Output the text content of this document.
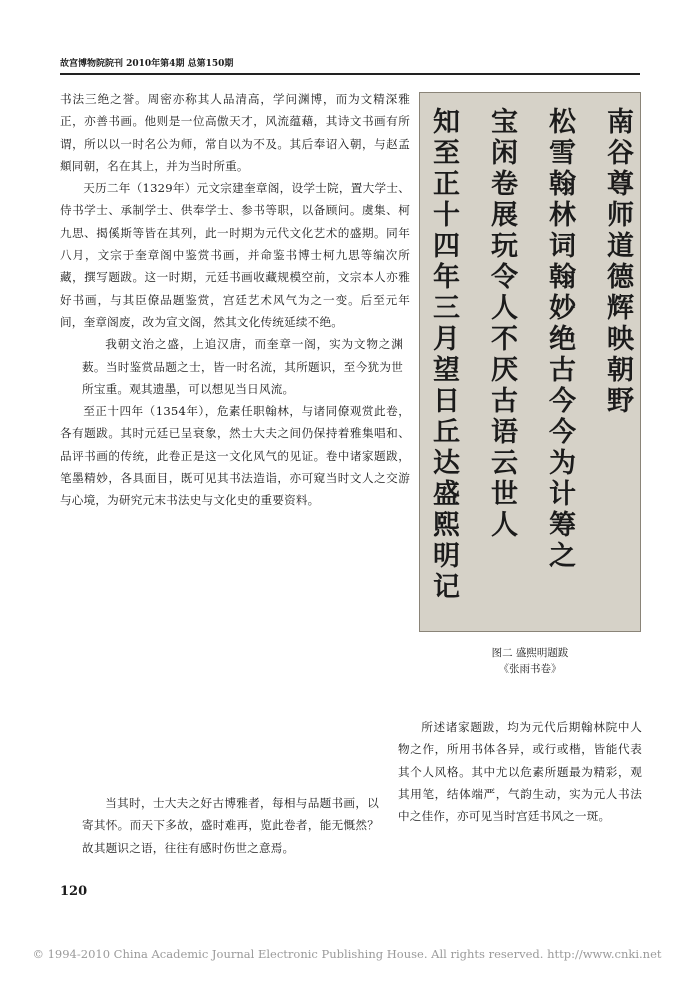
故宫博物院院刊 2010年第4期 总第150期

书法三绝之誉。周密亦称其人品清高，学问渊博，而为文精深雅正，亦善书画。他则是一位高傲天才，风流蕴藉，其诗文书画有所谓，所以以一时名公为师，常自以为不及。其后奉诏入朝，与赵孟頫同朝，名在其上，并为当时所重。

天历二年（1329年）元文宗建奎章阁，设学士院，置大学士、侍书学士、承制学士、供奉学士、参书等职，以备顾问。虞集、柯九思、揭傒斯等皆在其列，此一时期为元代文化艺术的盛期。同年八月，文宗于奎章阁中鉴赏书画，并命鉴书博士柯九思等编次所藏，撰写题跋。这一时期，元廷书画收藏规模空前，文宗本人亦雅好书画，与其臣僚品题鉴赏，宫廷艺术风气为之一变。后至元年间，奎章阁废，改为宣文阁，然其文化传统延续不绝。

我朝文治之盛，上追汉唐，而奎章一阁，实为文物之渊薮。当时鉴赏品题之士，皆一时名流，其所题识，至今犹为世所宝重。观其遗墨，可以想见当日风流。

至正十四年（1354年），危素任职翰林，与诸同僚观赏此卷，各有题跋。其时元廷已呈衰象，然士大夫之间仍保持着雅集唱和、品评书画的传统，此卷正是这一文化风气的见证。卷中诸家题跋，笔墨精妙，各具面目，既可见其书法造诣，亦可窥当时文人之交游与心境，为研究元末书法史与文化史的重要资料。

当其时，士大夫之好古博雅者，每相与品题书画，以寄其怀。而天下多故，盛时难再，览此卷者，能无慨然？故其题识之语，往往有感时伤世之意焉。

所述诸家题跋，均为元代后期翰林院中人物之作，所用书体各异，或行或楷，皆能代表其个人风格。其中尤以危素所题最为精彩，观其用笔，结体端严，气韵生动，实为元人书法中之佳作，亦可见当时宫廷书风之一斑。

南谷尊师道德辉映朝野
松雪翰林词翰妙绝古今今为计筹之
宝闲卷展玩令人不厌古语云世人
知至正十四年三月望日丘达盛熙明记
图二 盛熙明题跋
《张雨书卷》
120
© 1994-2010 China Academic Journal Electronic Publishing House. All rights reserved. http://www.cnki.net
